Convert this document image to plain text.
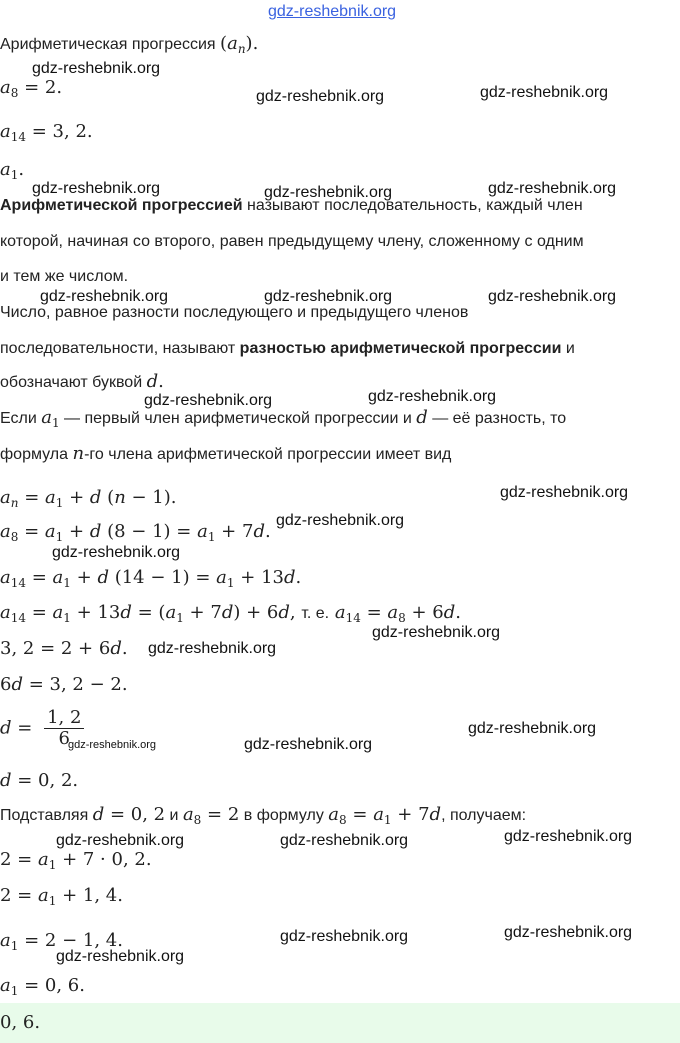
gdz-reshebnik.org
gdz-reshebnik.org
gdz-reshebnik.org	gdz-reshebnik.org
gdz-reshebnik.org	gdz-reshebnik.org	gdz-reshebnik.org
gdz-reshebnik.org	gdz-reshebnik.org	gdz-reshebnik.org
gdz-reshebnik.org	gdz-reshebnik.org
gdz-reshebnik.org
gdz-reshebnik.org
gdz-reshebnik.org
gdz-reshebnik.org
gdz-reshebnik.org
gdz-reshebnik.org
gdz-reshebnik.org
gdz-reshebnik.org	gdz-reshebnik.org	gdz-reshebnik.org
gdz-reshebnik.org	gdz-reshebnik.org
gdz-reshebnik.org
Арифметическая прогрессия $(a_n)$.
$a_8 = 2$.
$a_{14} = 3$, 2.
$a_1$.
Арифметической прогрессией называют последовательность, каждый член
которой, начиная со второго, равен предыдущему члену, сложенному с одним
и тем же числом.
Число, равное разности последующего и предыдущего членов
последовательности, называют разностью арифметической прогрессии и
обозначают буквой d.
Если $a_1$ — первый член арифметической прогрессии и d — её разность, то
формула n-го члена арифметической прогрессии имеет вид
$a_n = a_1 + d$ (n − 1).
$a_8 = a_1 + d$ $(8 - 1) = a_1 + 7d$.
$a_{14} = a_1 + d$ $(14 - 1) = a_1 + 13d$.
$a_{14} = a_1 + 13d = (a_1 + 7d) + 6d$, т. е. $a_{14} = a_8 + 6d$.
3, 2 = 2 + 6d.
6d = 3, 2 − 2.
$d = \frac{1, 2}{6}$
gdz-reshebnik.org
d = 0, 2.
Подставляя d = 0, 2 и $a_8 = 2$ в формулу $a_8 = a_1 + 7d$, получаем:
$2 = a_1 + 7 \cdot 0$, 2.
$2 = a_1 + 1$, 4.
$a_1 = 2 - 1$, 4.
$a_1 = 0$, 6.
0, 6.
